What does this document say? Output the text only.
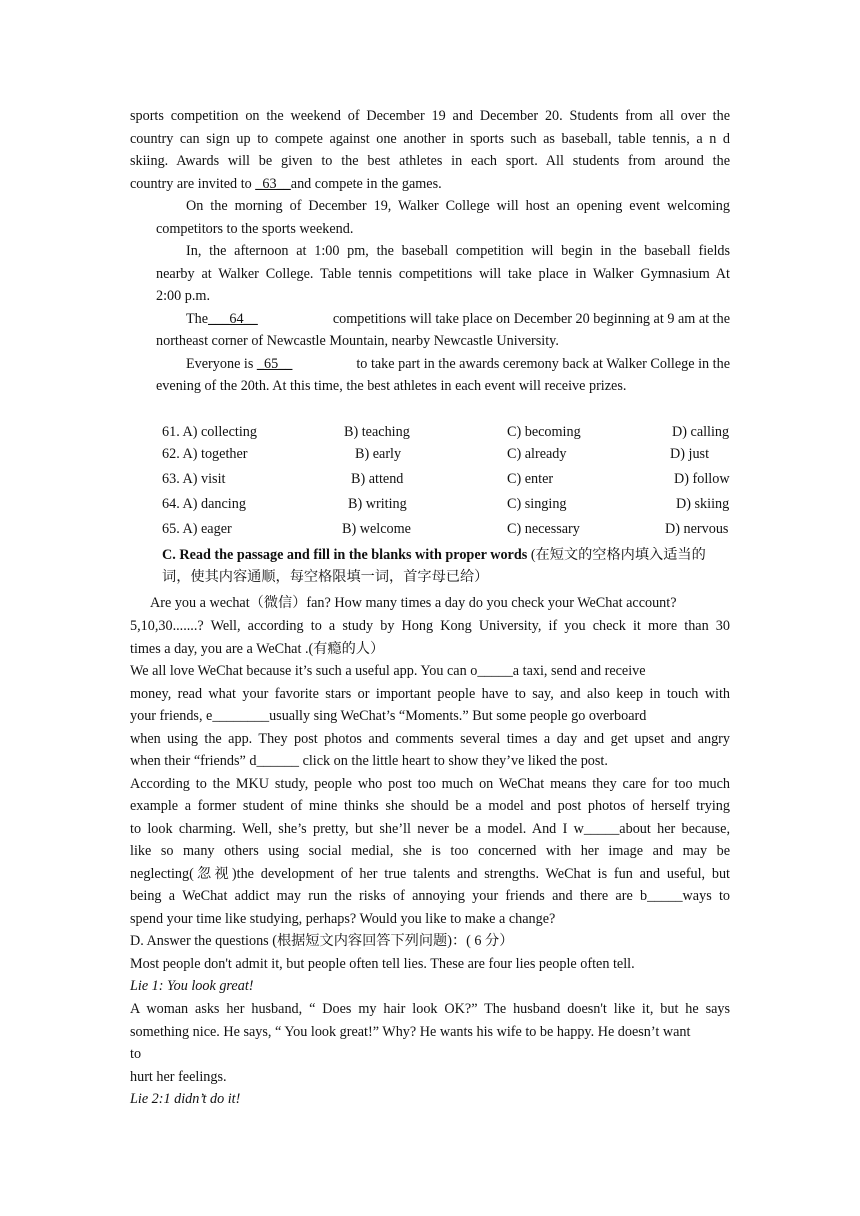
sports competition on the weekend of December 19 and December 20. Students from all over the
country can sign up to compete against one another in sports such as baseball, table tennis, a n d
skiing. Awards will be given to the best athletes in each sport. All students from around the
country are invited to _63__and compete in the games.
On the morning of December 19, Walker College will host an opening event welcoming
competitors to the sports weekend.
In, the afternoon at 1:00 pm, the baseball competition will begin in the baseball fields
nearby at Walker College. Table tennis competitions will take place in Walker Gymnasium At
2:00 p.m.
The___64__	competitions will take place on December 20 beginning at 9 am at the
northeast corner of Newcastle Mountain, nearby Newcastle University.
Everyone is _65__	to take part in the awards ceremony back at Walker College in the
evening of the 20th. At this time, the best athletes in each event will receive prizes.
61. A) collecting	B) teaching	C) becoming	D) calling
62. A) together	B) early	C) already	D) just
63. A) visit	B) attend	C) enter	D) follow
64. A) dancing	B) writing	C) singing	D) skiing
65. A) eager	B) welcome	C) necessary	D) nervous
C. Read the passage and fill in the blanks with proper words (在短文的空格内填入适当的
词，使其内容通顺，每空格限填一词，首字母已给）
Are you a wechat（微信）fan? How many times a day do you check your WeChat account?
5,10,30.......? Well, according to a study by Hong Kong University, if you check it more than 30
times a day, you are a WeChat .(有瘾的人）
We all love WeChat because it’s such a useful app. You can o_____a taxi, send and receive
money, read what your favorite stars or important people have to say, and also keep in touch with
your friends, e________usually sing WeChat’s “Moments.” But some people go overboard
when using the app. They post photos and comments several times a day and get upset and angry
when their “friends” d______ click on the little heart to show they’ve liked the post.
According to the MKU study, people who post too much on WeChat means they care for too much
example a former student of mine thinks she should be a model and post photos of herself trying
to look charming. Well, she’s pretty, but she’ll never be a model. And I w_____about her because,
like so many others using social medial, she is too concerned with her image and may be
neglecting(忽视)the development of her true talents and strengths. WeChat is fun and useful, but
being a WeChat addict may run the risks of annoying your friends and there are b_____ways to
spend your time like studying, perhaps? Would you like to make a change?
D. Answer the questions (根据短文内容回答下列问题)：( 6 分）
Most people don't admit it, but people often tell lies. These are four lies people often tell.
Lie 1: You look great!
A woman asks her husband, “ Does my hair look OK?” The husband doesn't like it, but he says
something nice. He says, “ You look great!” Why? He wants his wife to be happy. He doesn’t want
to
hurt her feelings.
Lie 2:1 didn’t do it!
